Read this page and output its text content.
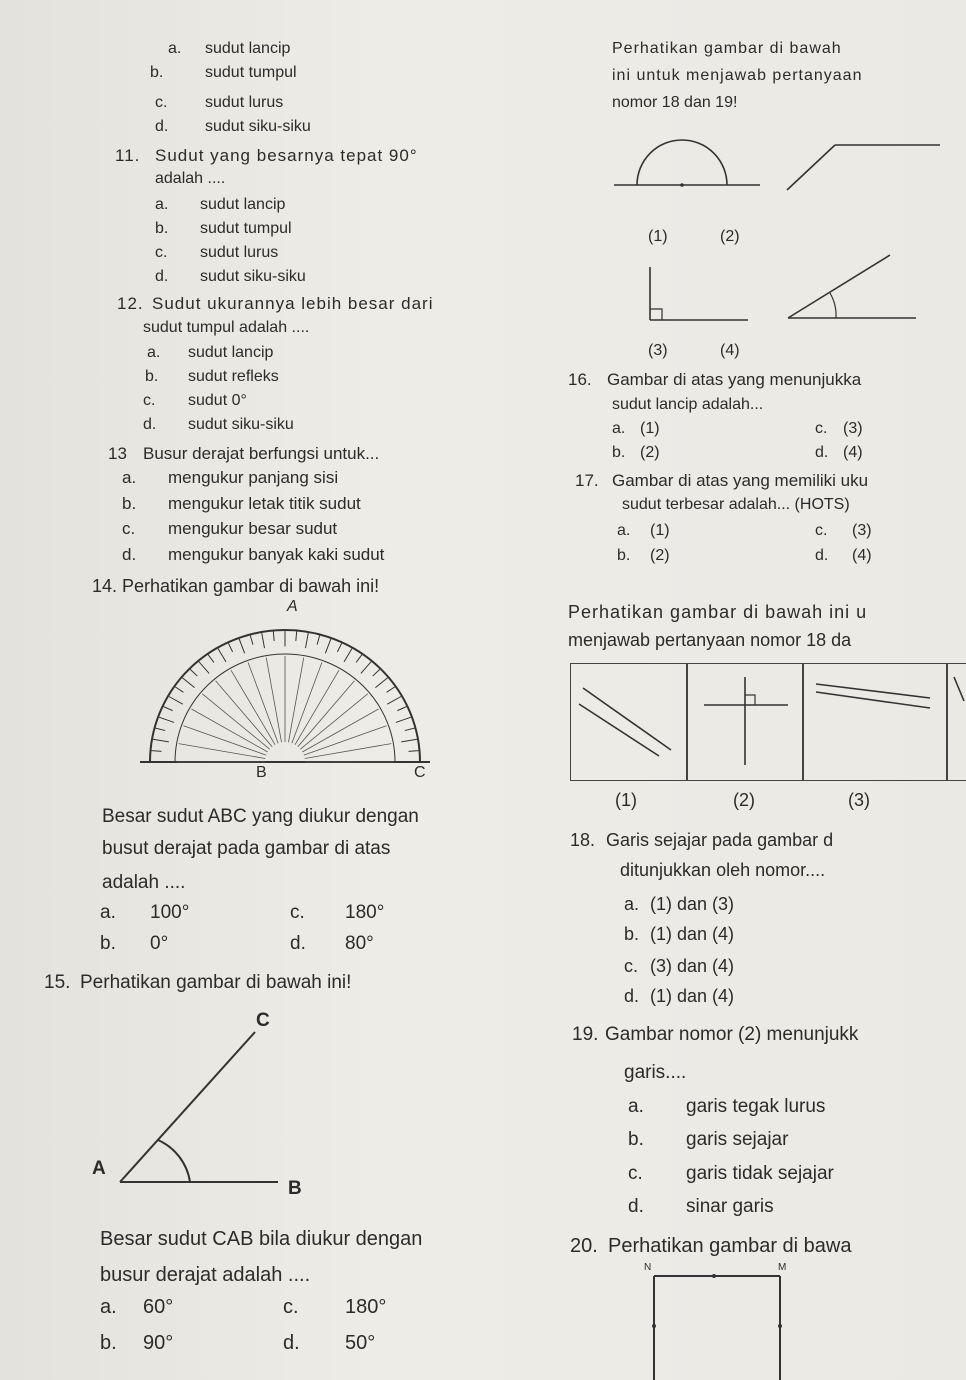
a. sudut lancip
b.	sudut tumpul
c. sudut lurus
d. sudut siku-siku
11. Sudut yang besarnya tepat 90°
adalah ....
a. sudut lancip
b. sudut tumpul
c. sudut lurus
d. sudut siku-siku
12. Sudut ukurannya lebih besar dari
sudut tumpul adalah ....
a. sudut lancip
b. sudut refleks
c. sudut 0°
d. sudut siku-siku
13 Busur derajat berfungsi untuk...
a. mengukur panjang sisi
b. mengukur letak titik sudut
c. mengukur besar sudut
d. mengukur banyak kaki sudut
14. Perhatikan gambar di bawah ini!
A
B	C
Besar sudut ABC yang diukur dengan
busut derajat pada gambar di atas
adalah ....
a. 100°	c. 180°
b. 0°	d. 80°
15. Perhatikan gambar di bawah ini!
C
A
B
Besar sudut CAB bila diukur dengan
busur derajat adalah ....
a. 60°	c. 180°
b. 90°	d. 50°
Perhatikan gambar di bawah
ini untuk menjawab pertanyaan
nomor 18 dan 19!
(1)	(2)
(3)	(4)
16. Gambar di atas yang menunjukka
sudut lancip adalah...
a. (1)	c. (3)
b. (2)	d. (4)
17. Gambar di atas yang memiliki uku
sudut terbesar adalah... (HOTS)
a. (1)	c. (3)
b. (2)	d. (4)
Perhatikan gambar di bawah ini u
menjawab pertanyaan nomor 18 da
(1)	(2)	(3)
18. Garis sejajar pada gambar d
ditunjukkan oleh nomor....
a. (1) dan (3)
b. (1) dan (4)
c. (3) dan (4)
d. (1) dan (4)
19. Gambar nomor (2) menunjukk
garis....
a. garis tegak lurus
b. garis sejajar
c. garis tidak sejajar
d. sinar garis
20. Perhatikan gambar di bawa
N	M
